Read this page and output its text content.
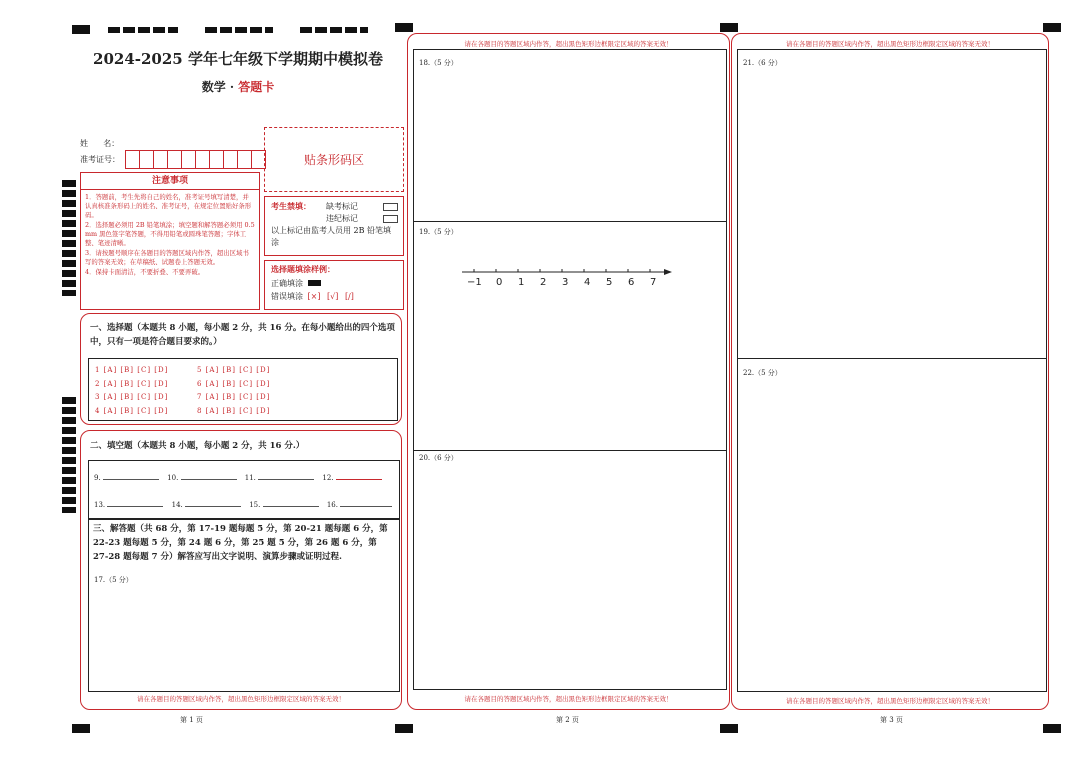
2024-2025 学年七年级下学期期中模拟卷
数学 · 答题卡
姓      名：
准考证号：	贴条形码区
注意事项

1．答题前，考生先将自己的姓名，准考证号填写清楚，并认真核准条形码上的姓名、准考证号，在规定位置贴好条形码。

2．选择题必须用 2B 铅笔填涂；填空题和解答题必须用 0.5 mm 黑色签字笔答题，不得用铅笔或圆珠笔答题；字体工整、笔迹清晰。

3．请按题号顺序在各题目的答题区域内作答，超出区域书写的答案无效；在草稿纸、试题卷上答题无效。

4．保持卡面清洁，不要折叠、不要弄破。

考生禁填： 缺考标记
违纪标记
以上标记由监考人员用 2B 铅笔填涂
选择题填涂样例：
正确填涂
错误填涂 [×] [√] [/]
一、选择题（本题共 8 小题，每小题 2 分，共 16 分。在每小题给出的四个选项中，只有一项是符合题目要求的。）
1 [A] [B] [C] [D]
2 [A] [B] [C] [D]
3 [A] [B] [C] [D]
4 [A] [B] [C] [D]
5 [A] [B] [C] [D]
6 [A] [B] [C] [D]
7 [A] [B] [C] [D]
8 [A] [B] [C] [D]
二、填空题（本题共 8 小题，每小题 2 分，共 16 分.）
9.	10.	11.	12.
13.	14.	15.	16.
三、解答题（共 68 分，第 17-19 题每题 5 分，第 20-21 题每题 6 分，第 22-23 题每题 5 分，第 24 题 6 分，第 25 题 5 分，第 26 题 6 分，第 27-28 题每题 7 分）解答应写出文字说明、演算步骤或证明过程.
17.（5 分）
请在各题目的答题区域内作答，超出黑色矩形边框限定区域的答案无效！
第 1 页
请在各题目的答题区域内作答，超出黑色矩形边框限定区域的答案无效！
18.（5 分）
19.（5 分）
−1 0 1 2 3 4 5 6 7
20.（6 分）
请在各题目的答题区域内作答，超出黑色矩形边框限定区域的答案无效！
第 2 页
请在各题目的答题区域内作答，超出黑色矩形边框限定区域的答案无效！
21.（6 分）
22.（5 分）
请在各题目的答题区域内作答，超出黑色矩形边框限定区域的答案无效！
第 3 页
